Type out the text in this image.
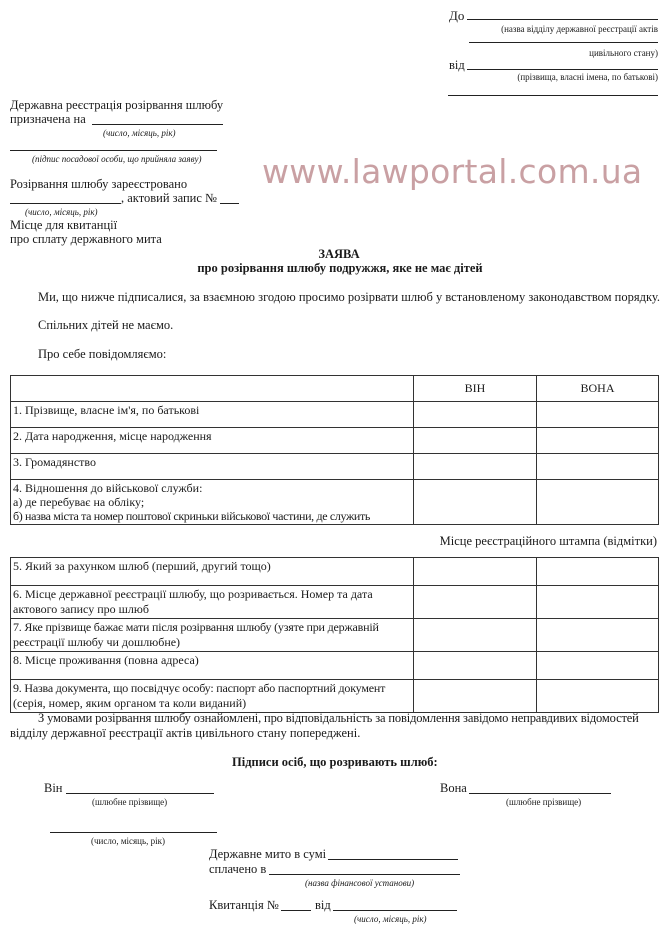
www.lawportal.com.ua
До
(назва відділу державної реєстрації актів
цивільного стану)
від
(прізвища, власні імена, по батькові)
Державна реєстрація розірвання шлюбу
призначена на
(число, місяць, рік)
(підпис посадової особи, що прийняла заяву)
Розірвання шлюбу зареєстровано
, актовий запис №
(число, місяць, рік)
Місце для квитанції
про сплату державного мита
ЗАЯВА
про розірвання шлюбу подружжя, яке не має дітей
Ми, що нижче підписалися, за взаємною згодою просимо розірвати шлюб у встановленому законодавством порядку.
Спільних дітей не маємо.
Про себе повідомляємо:
	ВІН	ВОНА
1. Прізвище, власне ім'я, по батькові		
2. Дата народження, місце народження		
3. Громадянство		

4. Відношення до військової служби:
а) де перебуває на обліку;
б) назва міста та номер поштової скриньки військової частини, де служить		

Місце реєстраційного штампа (відмітки)
5. Який за рахунком шлюб (перший, другий тощо)		

6. Місце державної реєстрації шлюбу, що розривається. Номер та дата
актового запису про шлюб		

7. Яке прізвище бажає мати після розірвання шлюбу (узяте при державній
реєстрації шлюбу чи дошлюбне)		

8. Місце проживання (повна адреса)		

9. Назва документа, що посвідчує особу: паспорт або паспортний документ
(серія, номер, яким органом та коли виданий)		

З умовами розірвання шлюбу ознайомлені, про відповідальність за повідомлення завідомо неправдивих відомостей
відділу державної реєстрації актів цивільного стану попереджені.
Підписи осіб, що розривають шлюб:
Він
(шлюбне прізвище)
Вона
(шлюбне прізвище)
(число, місяць, рік)
Державне мито в сумі
сплачено в
(назва фінансової установи)
Квитанція №	від
(число, місяць, рік)
